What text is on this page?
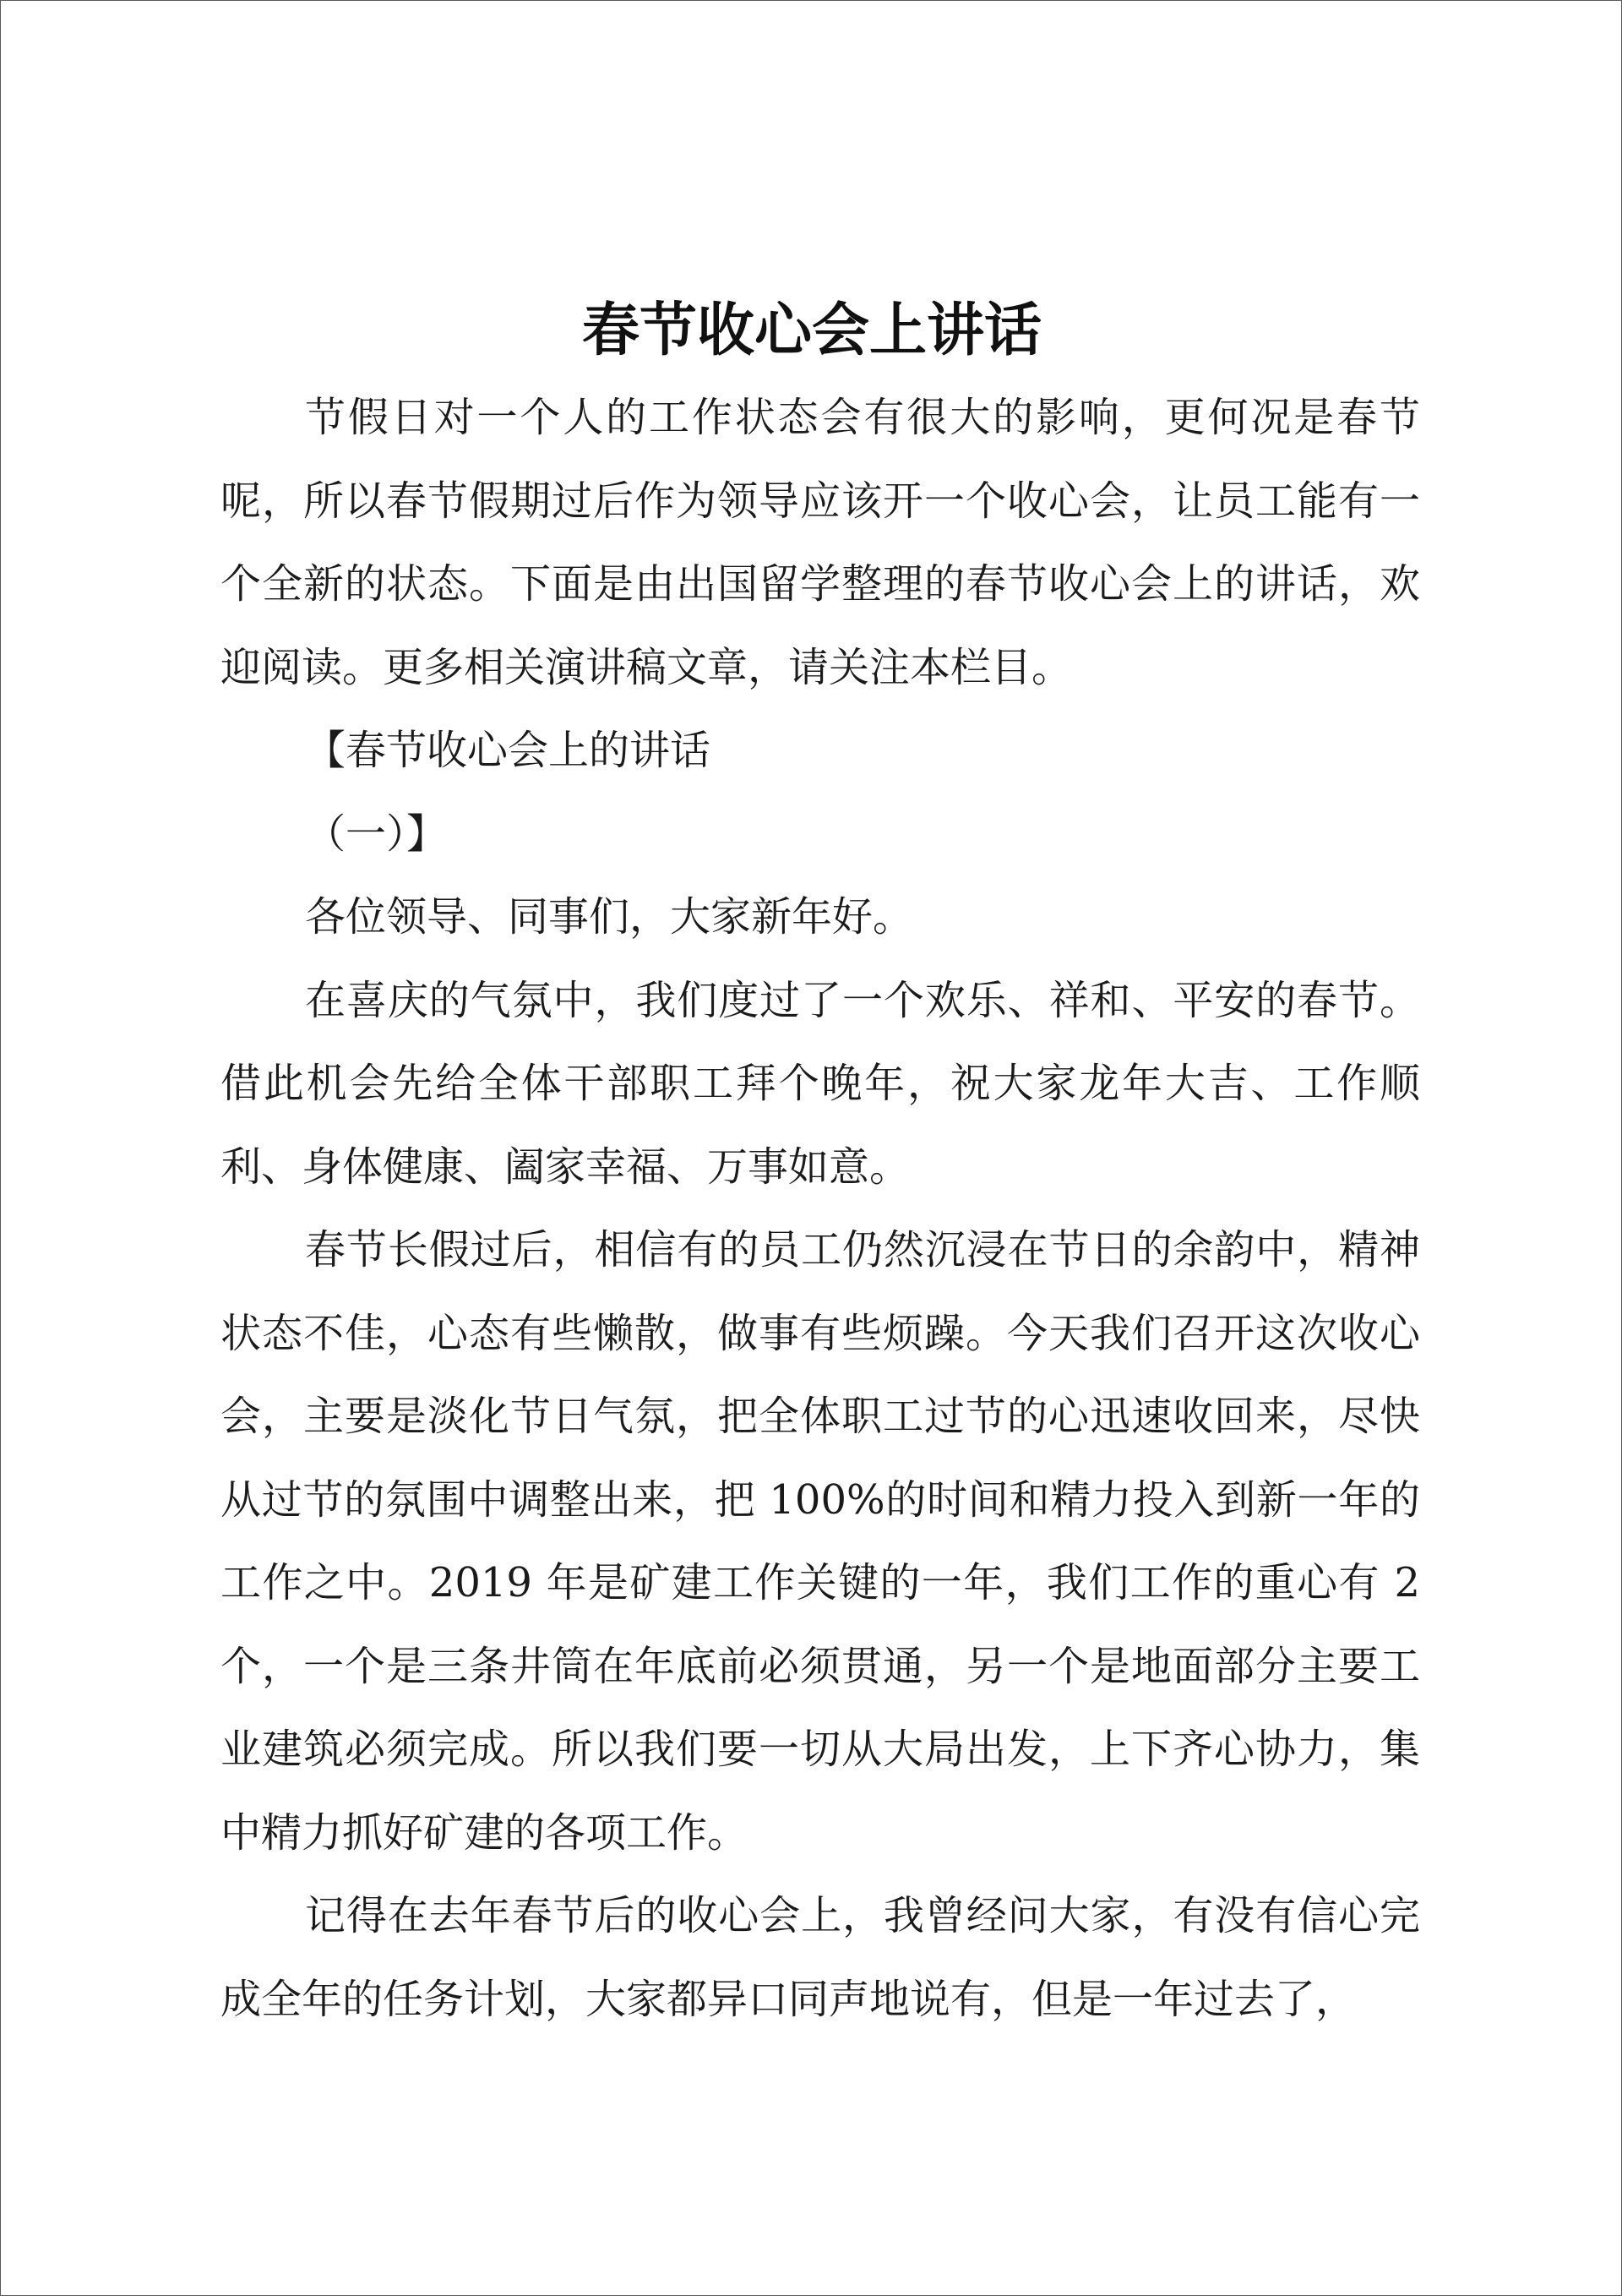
春节收心会上讲话

节假日对一个人的工作状态会有很大的影响，更何况是春节呢，所以春节假期过后作为领导应该开一个收心会，让员工能有一个全新的状态。下面是由出国留学整理的春节收心会上的讲话，欢迎阅读。更多相关演讲稿文章，请关注本栏目。

【春节收心会上的讲话

（一）】

各位领导、同事们，大家新年好。

在喜庆的气氛中，我们度过了一个欢乐、祥和、平安的春节。借此机会先给全体干部职工拜个晚年，祝大家龙年大吉、工作顺利、身体健康、阖家幸福、万事如意。

春节长假过后，相信有的员工仍然沉浸在节日的余韵中，精神状态不佳，心态有些懒散，做事有些烦躁。今天我们召开这次收心会，主要是淡化节日气氛，把全体职工过节的心迅速收回来，尽快从过节的氛围中调整出来，把 100%的时间和精力投入到新一年的工作之中。2019 年是矿建工作关键的一年，我们工作的重心有 2 个，一个是三条井筒在年底前必须贯通，另一个是地面部分主要工业建筑必须完成。所以我们要一切从大局出发，上下齐心协力，集中精力抓好矿建的各项工作。

记得在去年春节后的收心会上，我曾经问大家，有没有信心完成全年的任务计划，大家都异口同声地说有，但是一年过去了，
